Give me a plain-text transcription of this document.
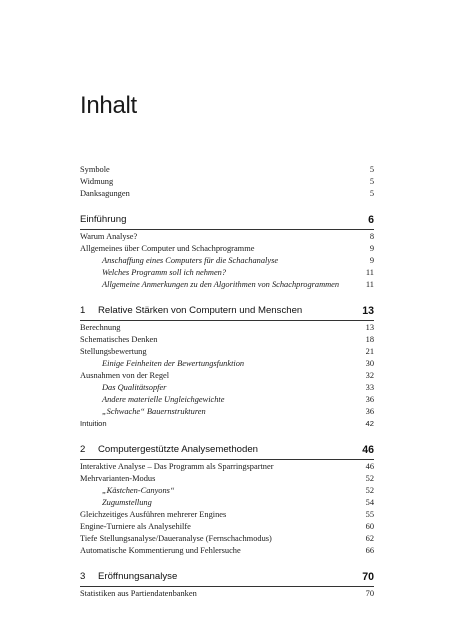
Inhalt
Symbole	5
Widmung	5
Danksagungen	5
Einführung	6
Warum Analyse?	8
Allgemeines über Computer und Schachprogramme	9
Anschaffung eines Computers für die Schachanalyse	9
Welches Programm soll ich nehmen?	11
Allgemeine Anmerkungen zu den Algorithmen von Schachprogrammen	11
1 Relative Stärken von Computern und Menschen	13
Berechnung	13
Schematisches Denken	18
Stellungsbewertung	21
Einige Feinheiten der Bewertungsfunktion	30
Ausnahmen von der Regel	32
Das Qualitätsopfer	33
Andere materielle Ungleichgewichte	36
„Schwache“ Bauernstrukturen	36
Intuition	42
2 Computergestützte Analysemethoden	46
Interaktive Analyse – Das Programm als Sparringspartner	46
Mehrvarianten-Modus	52
„Kästchen-Canyons“	52
Zugumstellung	54
Gleichzeitiges Ausführen mehrerer Engines	55
Engine-Turniere als Analysehilfe	60
Tiefe Stellungsanalyse/Daueranalyse (Fernschachmodus)	62
Automatische Kommentierung und Fehlersuche	66
3 Eröffnungsanalyse	70
Statistiken aus Partiendatenbanken	70
